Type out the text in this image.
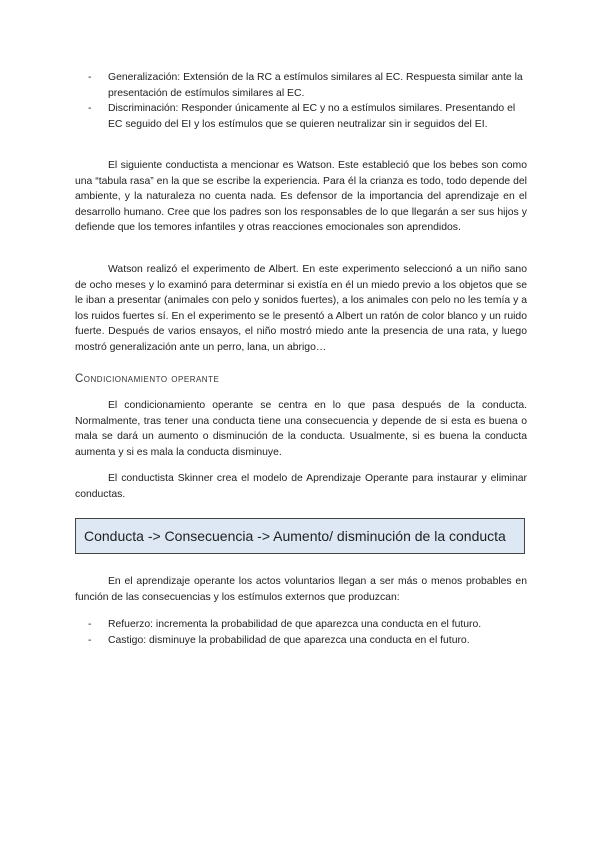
- Generalización: Extensión de la RC a estímulos similares al EC. Respuesta similar ante la presentación de estímulos similares al EC.
- Discriminación: Responder únicamente al EC y no a estímulos similares. Presentando el EC seguido del EI y los estímulos que se quieren neutralizar sin ir seguidos del EI.

El siguiente conductista a mencionar es Watson. Este estableció que los bebes son como una “tabula rasa” en la que se escribe la experiencia. Para él la crianza es todo, todo depende del ambiente, y la naturaleza no cuenta nada. Es defensor de la importancia del aprendizaje en el desarrollo humano. Cree que los padres son los responsables de lo que llegarán a ser sus hijos y defiende que los temores infantiles y otras reacciones emocionales son aprendidos.

Watson realizó el experimento de Albert. En este experimento seleccionó a un niño sano de ocho meses y lo examinó para determinar si existía en él un miedo previo a los objetos que se le iban a presentar (animales con pelo y sonidos fuertes), a los animales con pelo no les temía y a los ruidos fuertes sí. En el experimento se le presentó a Albert un ratón de color blanco y un ruido fuerte. Después de varios ensayos, el niño mostró miedo ante la presencia de una rata, y luego mostró generalización ante un perro, lana, un abrigo…

Condicionamiento operante

El condicionamiento operante se centra en lo que pasa después de la conducta. Normalmente, tras tener una conducta tiene una consecuencia y depende de si esta es buena o mala se dará un aumento o disminución de la conducta. Usualmente, si es buena la conducta aumenta y si es mala la conducta disminuye.

El conductista Skinner crea el modelo de Aprendizaje Operante para instaurar y eliminar conductas.

Conducta -> Consecuencia -> Aumento/ disminución de la conducta

En el aprendizaje operante los actos voluntarios llegan a ser más o menos probables en función de las consecuencias y los estímulos externos que produzcan:

- Refuerzo: incrementa la probabilidad de que aparezca una conducta en el futuro.
- Castigo: disminuye la probabilidad de que aparezca una conducta en el futuro.
